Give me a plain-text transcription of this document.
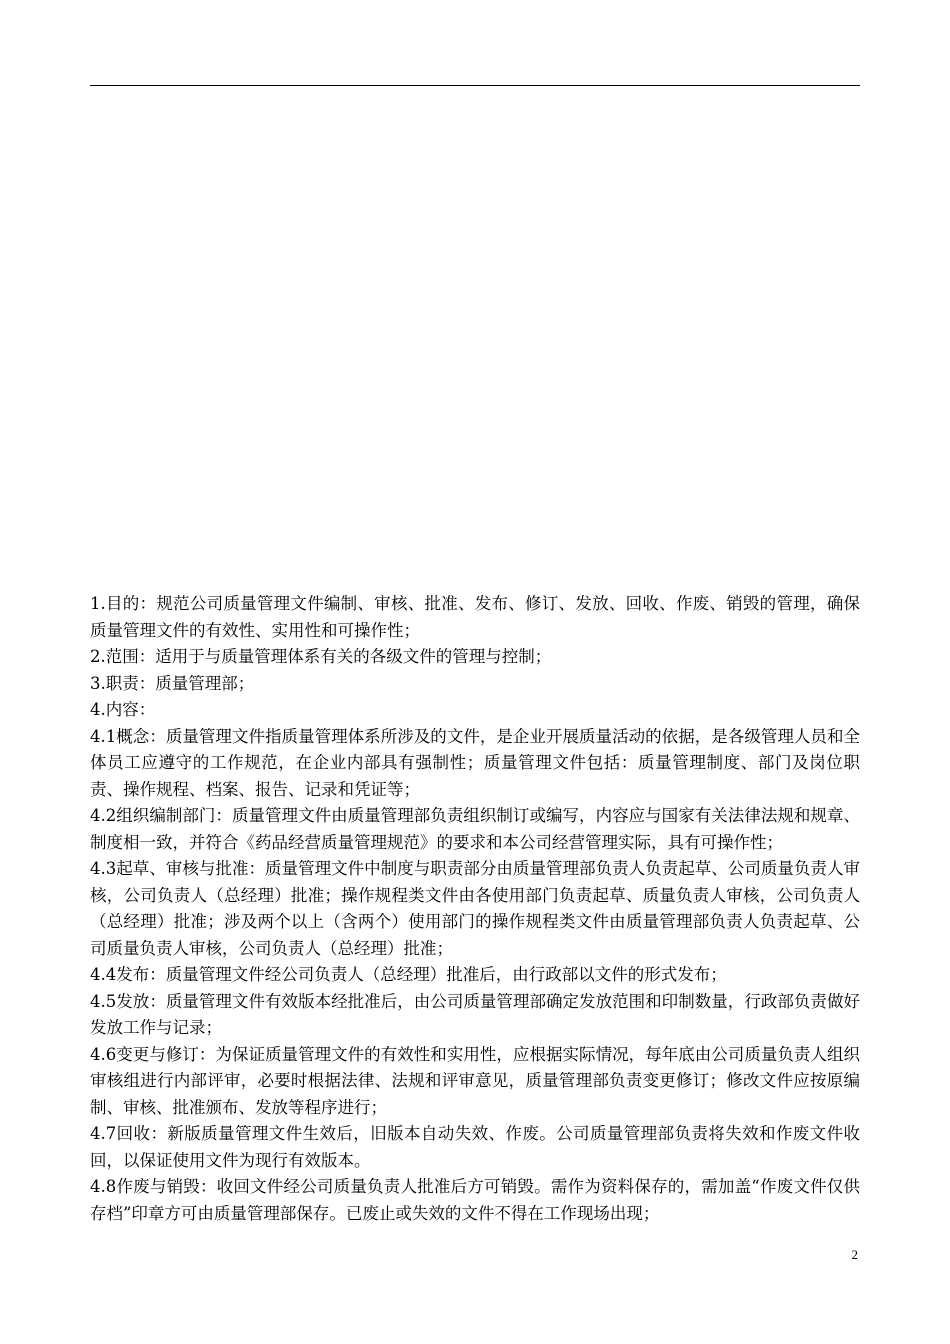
1.目的：规范公司质量管理文件编制、审核、批准、发布、修订、发放、回收、作废、销毁的管理，确保质量管理文件的有效性、实用性和可操作性；

2.范围：适用于与质量管理体系有关的各级文件的管理与控制；

3.职责：质量管理部；

4.内容：

4.1概念：质量管理文件指质量管理体系所涉及的文件，是企业开展质量活动的依据，是各级管理人员和全体员工应遵守的工作规范，在企业内部具有强制性；质量管理文件包括：质量管理制度、部门及岗位职责、操作规程、档案、报告、记录和凭证等；

4.2组织编制部门：质量管理文件由质量管理部负责组织制订或编写，内容应与国家有关法律法规和规章、制度相一致，并符合《药品经营质量管理规范》的要求和本公司经营管理实际，具有可操作性；

4.3起草、审核与批准：质量管理文件中制度与职责部分由质量管理部负责人负责起草、公司质量负责人审核，公司负责人（总经理）批准；操作规程类文件由各使用部门负责起草、质量负责人审核，公司负责人（总经理）批准；涉及两个以上（含两个）使用部门的操作规程类文件由质量管理部负责人负责起草、公司质量负责人审核，公司负责人（总经理）批准；

4.4发布：质量管理文件经公司负责人（总经理）批准后，由行政部以文件的形式发布；

4.5发放：质量管理文件有效版本经批准后，由公司质量管理部确定发放范围和印制数量，行政部负责做好发放工作与记录；

4.6变更与修订：为保证质量管理文件的有效性和实用性，应根据实际情况，每年底由公司质量负责人组织审核组进行内部评审，必要时根据法律、法规和评审意见，质量管理部负责变更修订；修改文件应按原编制、审核、批准颁布、发放等程序进行；

4.7回收：新版质量管理文件生效后，旧版本自动失效、作废。公司质量管理部负责将失效和作废文件收回，以保证使用文件为现行有效版本。

4.8作废与销毁：收回文件经公司质量负责人批准后方可销毁。需作为资料保存的，需加盖“作废文件仅供存档”印章方可由质量管理部保存。已废止或失效的文件不得在工作现场出现；

2
